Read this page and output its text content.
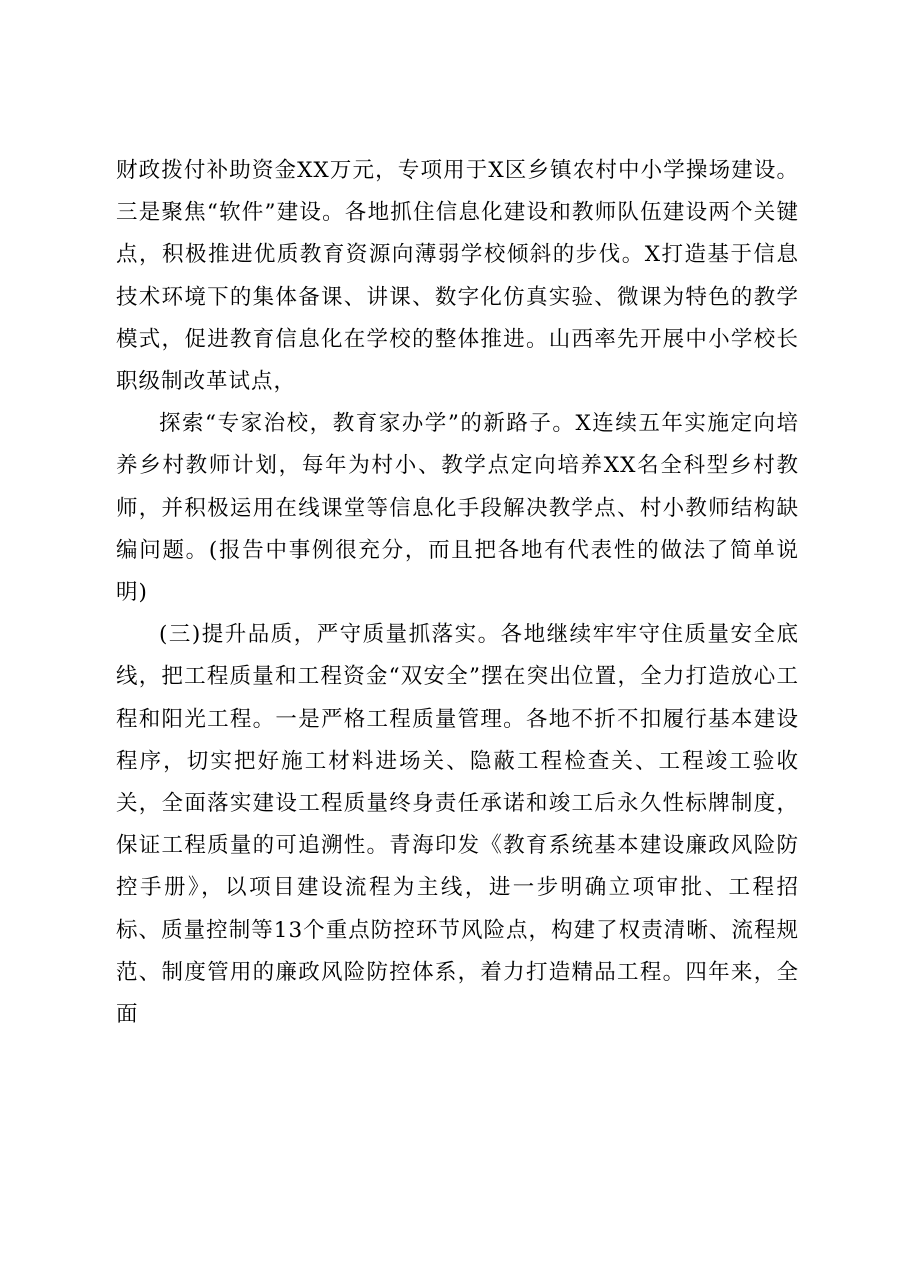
财政拨付补助资金XX万元，专项用于X区乡镇农村中小学操场建设。三是聚焦“软件”建设。各地抓住信息化建设和教师队伍建设两个关键点，积极推进优质教育资源向薄弱学校倾斜的步伐。X打造基于信息技术环境下的集体备课、讲课、数字化仿真实验、微课为特色的教学模式，促进教育信息化在学校的整体推进。山西率先开展中小学校长职级制改革试点，

探索“专家治校，教育家办学”的新路子。X连续五年实施定向培养乡村教师计划，每年为村小、教学点定向培养XX名全科型乡村教师，并积极运用在线课堂等信息化手段解决教学点、村小教师结构缺编问题。(报告中事例很充分，而且把各地有代表性的做法了简单说明)

(三)提升品质，严守质量抓落实。各地继续牢牢守住质量安全底线，把工程质量和工程资金“双安全”摆在突出位置，全力打造放心工程和阳光工程。一是严格工程质量管理。各地不折不扣履行基本建设程序，切实把好施工材料进场关、隐蔽工程检查关、工程竣工验收关，全面落实建设工程质量终身责任承诺和竣工后永久性标牌制度，保证工程质量的可追溯性。青海印发《教育系统基本建设廉政风险防控手册》，以项目建设流程为主线，进一步明确立项审批、工程招标、质量控制等13个重点防控环节风险点，构建了权责清晰、流程规范、制度管用的廉政风险防控体系，着力打造精品工程。四年来，全面
